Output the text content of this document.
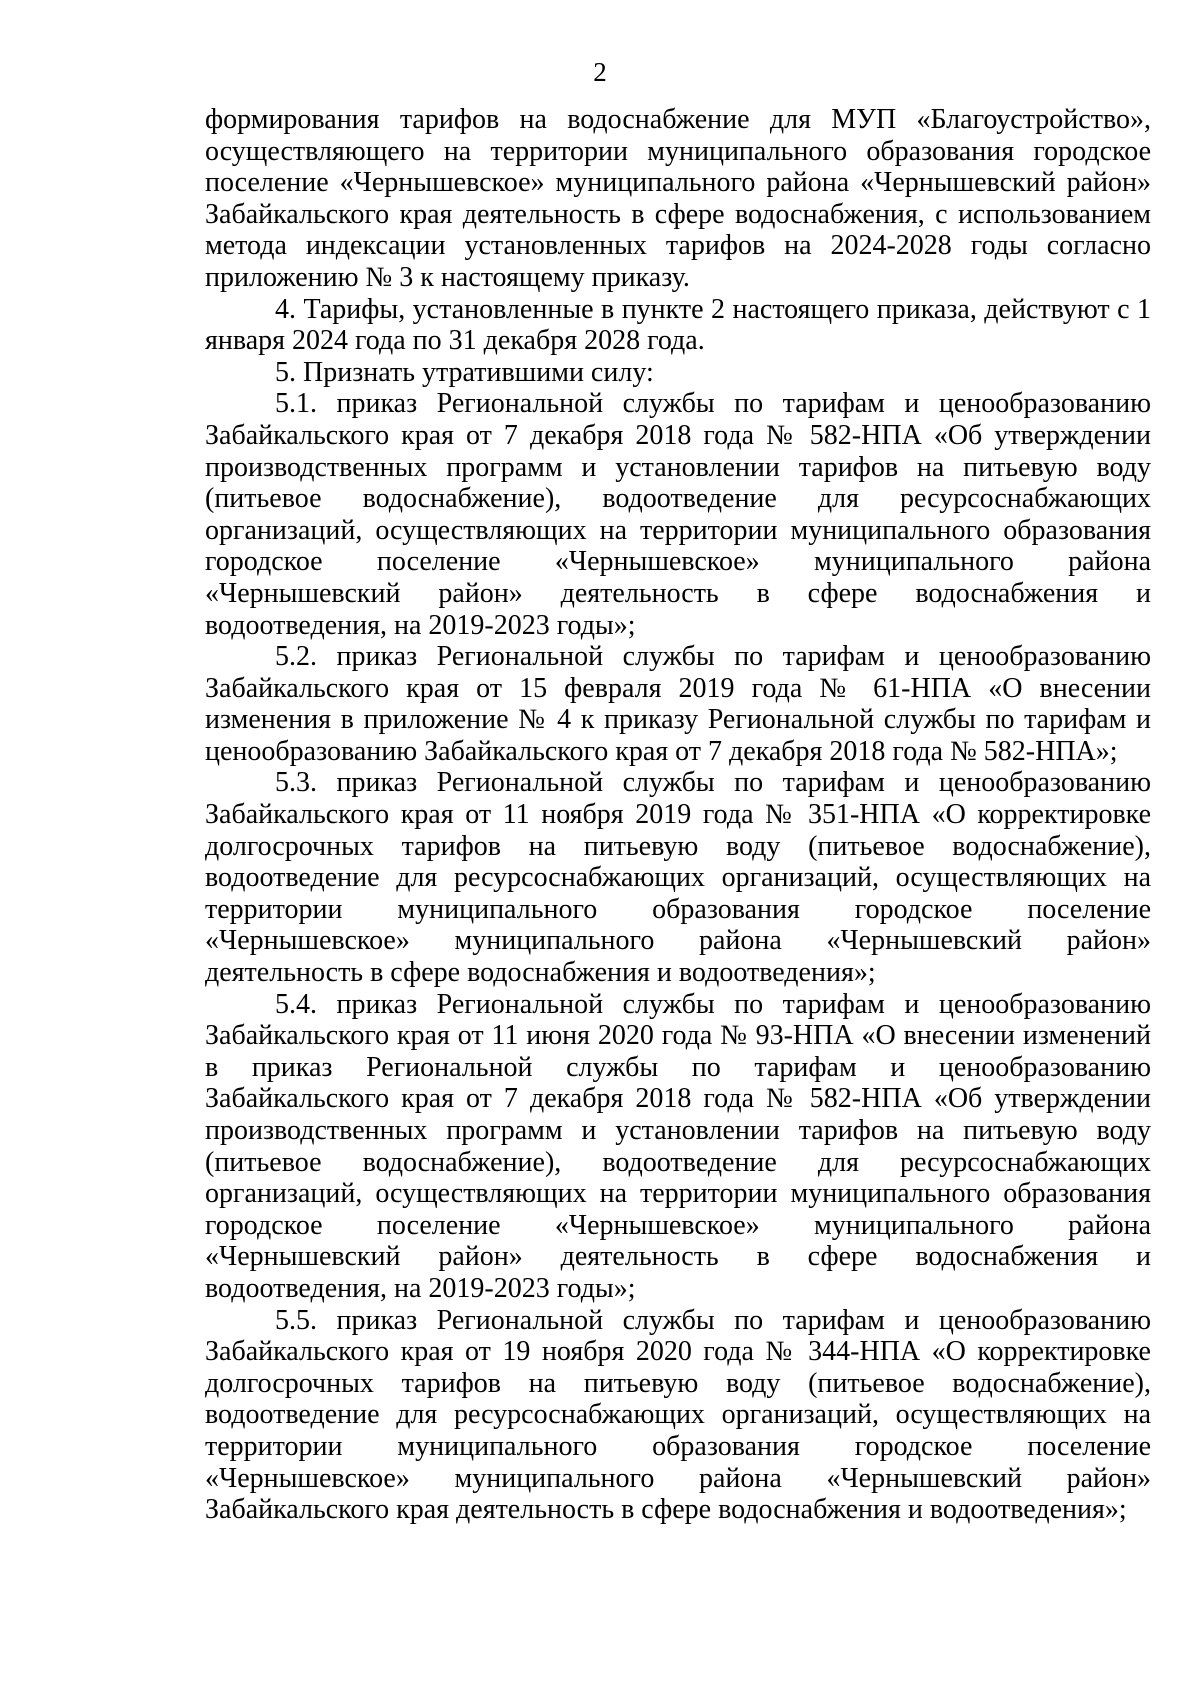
2

формирования тарифов на водоснабжение для МУП «Благоустройство», осуществляющего на территории муниципального образования городское поселение «Чернышевское» муниципального района «Чернышевский район» Забайкальского края деятельность в сфере водоснабжения, с использованием метода индексации установленных тарифов на 2024-2028 годы согласно приложению № 3 к настоящему приказу.

4. Тарифы, установленные в пункте 2 настоящего приказа, действуют с 1 января 2024 года по 31 декабря 2028 года.

5. Признать утратившими силу:

5.1. приказ Региональной службы по тарифам и ценообразованию Забайкальского края от 7 декабря 2018 года № 582-НПА «Об утверждении производственных программ и установлении тарифов на питьевую воду (питьевое водоснабжение), водоотведение для ресурсоснабжающих организаций, осуществляющих на территории муниципального образования городское поселение «Чернышевское» муниципального района «Чернышевский район» деятельность в сфере водоснабжения и водоотведения, на 2019-2023 годы»;

5.2. приказ Региональной службы по тарифам и ценообразованию Забайкальского края от 15 февраля 2019 года № 61-НПА «О внесении изменения в приложение № 4 к приказу Региональной службы по тарифам и ценообразованию Забайкальского края от 7 декабря 2018 года № 582-НПА»;

5.3. приказ Региональной службы по тарифам и ценообразованию Забайкальского края от 11 ноября 2019 года № 351-НПА «О корректировке долгосрочных тарифов на питьевую воду (питьевое водоснабжение), водоотведение для ресурсоснабжающих организаций, осуществляющих на территории муниципального образования городское поселение «Чернышевское» муниципального района «Чернышевский район» деятельность в сфере водоснабжения и водоотведения»;

5.4. приказ Региональной службы по тарифам и ценообразованию Забайкальского края от 11 июня 2020 года № 93-НПА «О внесении изменений в приказ Региональной службы по тарифам и ценообразованию Забайкальского края от 7 декабря 2018 года № 582-НПА «Об утверждении производственных программ и установлении тарифов на питьевую воду (питьевое водоснабжение), водоотведение для ресурсоснабжающих организаций, осуществляющих на территории муниципального образования городское поселение «Чернышевское» муниципального района «Чернышевский район» деятельность в сфере водоснабжения и водоотведения, на 2019-2023 годы»;

5.5. приказ Региональной службы по тарифам и ценообразованию Забайкальского края от 19 ноября 2020 года № 344-НПА «О корректировке долгосрочных тарифов на питьевую воду (питьевое водоснабжение), водоотведение для ресурсоснабжающих организаций, осуществляющих на территории муниципального образования городское поселение «Чернышевское» муниципального района «Чернышевский район» Забайкальского края деятельность в сфере водоснабжения и водоотведения»;
